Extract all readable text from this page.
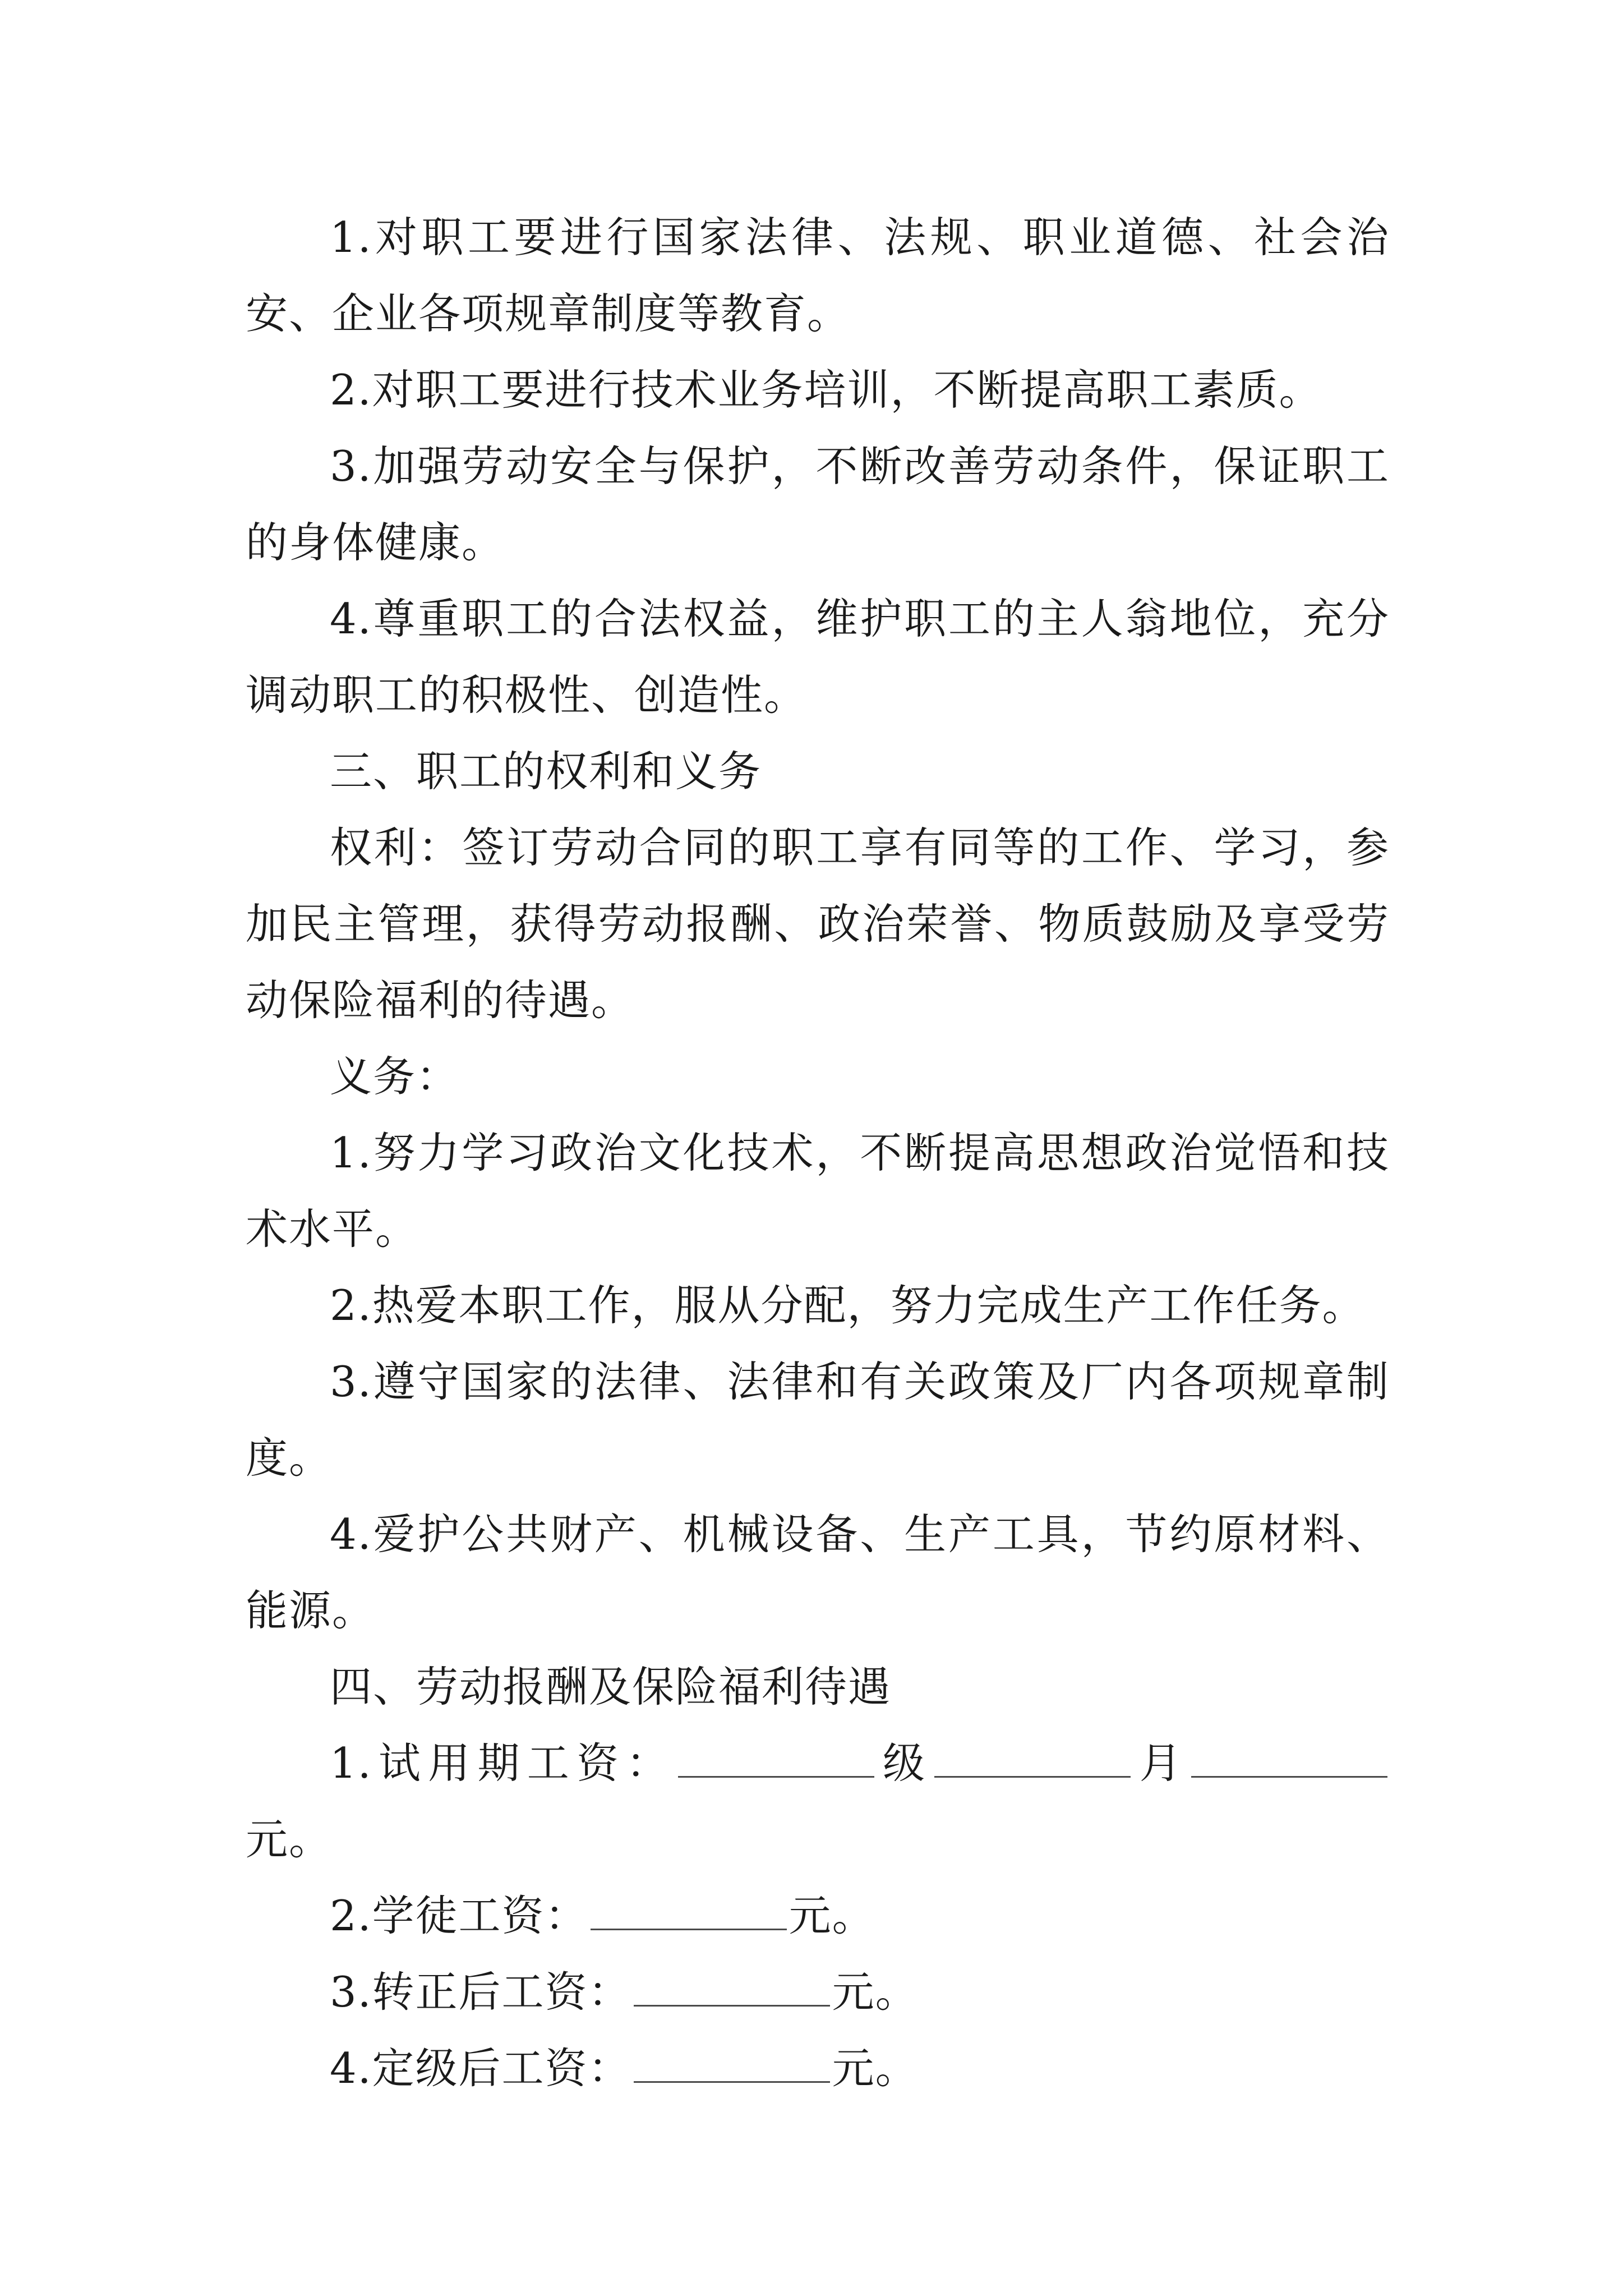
1.对职工要进行国家法律、法规、职业道德、社会治安、企业各项规章制度等教育。

2.对职工要进行技术业务培训，不断提高职工素质。

3.加强劳动安全与保护，不断改善劳动条件，保证职工的身体健康。

4.尊重职工的合法权益，维护职工的主人翁地位，充分调动职工的积极性、创造性。

三、职工的权利和义务

权利：签订劳动合同的职工享有同等的工作、学习，参加民主管理，获得劳动报酬、政治荣誉、物质鼓励及享受劳动保险福利的待遇。

义务：

1.努力学习政治文化技术，不断提高思想政治觉悟和技术水平。

2.热爱本职工作，服从分配，努力完成生产工作任务。

3.遵守国家的法律、法律和有关政策及厂内各项规章制度。

4.爱护公共财产、机械设备、生产工具，节约原材料、能源。

四、劳动报酬及保险福利待遇

1.试用期工资：	级	月元。

2.学徒工资：	元。

3.转正后工资：	元。

4.定级后工资：	元。
